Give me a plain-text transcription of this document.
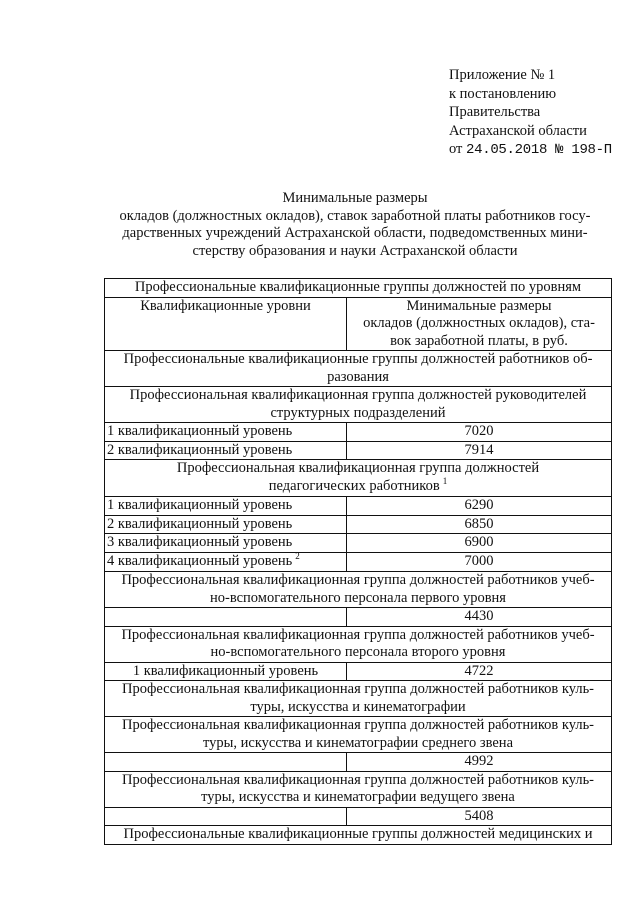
Приложение № 1
к постановлению
Правительства
Астраханской области
от 24.05.2018 № 198-П
Минимальные размеры
окладов (должностных окладов), ставок заработной платы работников госу-
дарственных учреждений Астраханской области, подведомственных мини-
стерству образования и науки Астраханской области
Профессиональные квалификационные группы должностей по уровням	
Квалификационные уровни	Минимальные размеры
окладов (должностных окладов), ста-
вок заработной платы, в руб.

Профессиональные квалификационные группы должностей работников об-
разования	

Профессиональная квалификационная группа должностей руководителей
структурных подразделений	

1 квалификационный уровень	7020
2 квалификационный уровень	7914

Профессиональная квалификационная группа должностей
педагогических работников $^1$

1 квалификационный уровень	6290
2 квалификационный уровень	6850
3 квалификационный уровень	6900
4 квалификационный уровень $^2$	7000

Профессиональная квалификационная группа должностей работников учеб-
но-вспомогательного персонала первого уровня	

	4430

Профессиональная квалификационная группа должностей работников учеб-
но-вспомогательного персонала второго уровня	

1 квалификационный уровень	4722

Профессиональная квалификационная группа должностей работников куль-
туры, искусства и кинематографии	

Профессиональная квалификационная группа должностей работников куль-
туры, искусства и кинематографии среднего звена	

	4992

Профессиональная квалификационная группа должностей работников куль-
туры, искусства и кинематографии ведущего звена	

	5408
Профессиональные квалификационные группы должностей медицинских и	
